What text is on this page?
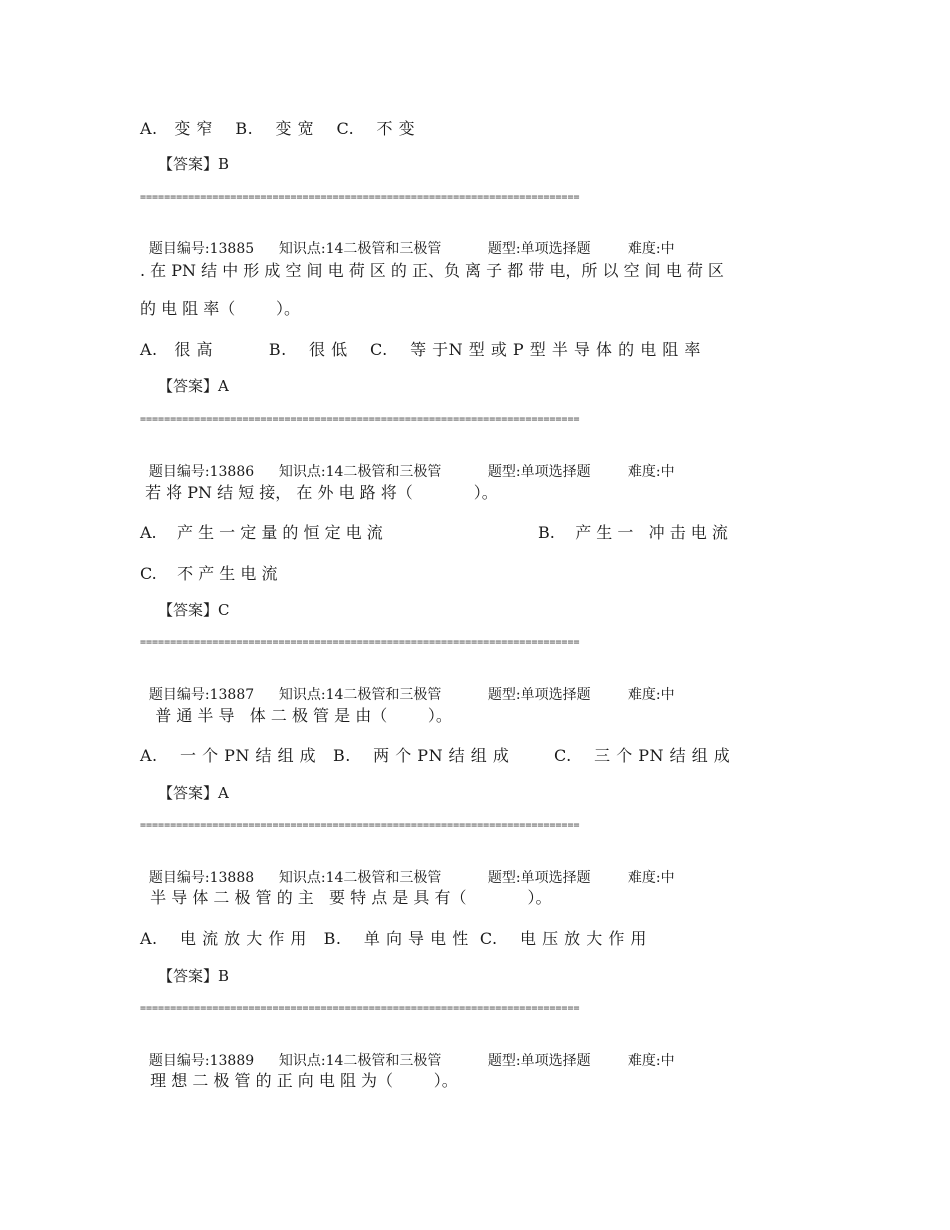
A.   变 窄    B.    变 宽    C.    不 变
【答案】B
=========================================================================

题目编号:13885 知识点:14二极管和三极管	题型:单项选择题	难度:中

. 在 PN 结 中 形 成 空 间 电 荷 区 的 正、负 离 子 都 带 电，所 以 空 间 电 荷 区
的 电 阻 率（        ）。
A.   很 高          B.    很 低    C.    等 于N 型 或 P 型 半 导 体 的 电 阻 率
【答案】A
=========================================================================

题目编号:13886 知识点:14二极管和三极管	题型:单项选择题	难度:中

若 将 PN 结 短 接， 在 外 电 路 将（            ）。
A.    产 生 一 定 量 的 恒 定 电 流	B.    产 生 一   冲 击 电 流
C.    不 产 生 电 流
【答案】C
=========================================================================

题目编号:13887 知识点:14二极管和三极管	题型:单项选择题	难度:中

普 通 半 导   体 二 极 管 是 由（        ）。
A.    一 个 PN 结 组 成   B.    两 个 PN 结 组 成        C.    三 个 PN 结 组 成
【答案】A
=========================================================================

题目编号:13888 知识点:14二极管和三极管	题型:单项选择题	难度:中

半 导 体 二 极 管 的 主   要 特 点 是 具 有（            ）。
A.    电 流 放 大 作 用   B.    单 向 导 电 性  C.    电 压 放 大 作 用
【答案】B
=========================================================================

题目编号:13889 知识点:14二极管和三极管	题型:单项选择题	难度:中

理 想 二 极 管 的 正 向 电 阻 为（        ）。
